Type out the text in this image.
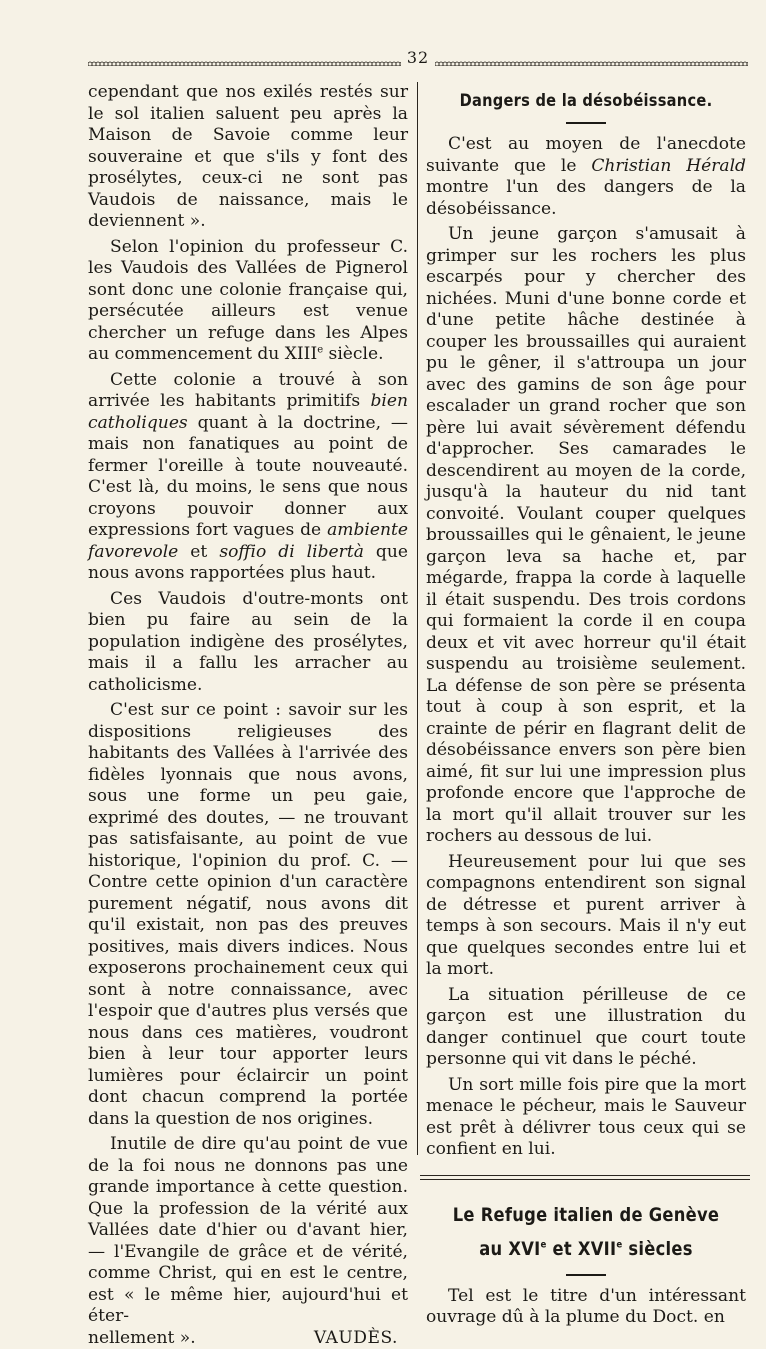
32

cependant que nos exilés restés sur le sol italien saluent peu après la Maison de Savoie comme leur souveraine et que s'ils y font des prosélytes, ceux-ci ne sont pas Vaudois de naissance, mais le deviennent ».

Selon l'opinion du professeur C. les Vaudois des Vallées de Pignerol sont donc une colonie française qui, persécutée ailleurs est venue chercher un refuge dans les Alpes au commencement du XIIIe siècle.

Cette colonie a trouvé à son arrivée les habitants primitifs bien catholiques quant à la doctrine, — mais non fanatiques au point de fermer l'oreille à toute nouveauté. C'est là, du moins, le sens que nous croyons pouvoir donner aux expressions fort vagues de ambiente favorevole et soffio di libertà que nous avons rapportées plus haut.

Ces Vaudois d'outre-monts ont bien pu faire au sein de la population indigène des prosélytes, mais il a fallu les arracher au catholicisme.

C'est sur ce point : savoir sur les dispositions religieuses des habitants des Vallées à l'arrivée des fidèles lyonnais que nous avons, sous une forme un peu gaie, exprimé des doutes, — ne trouvant pas satisfaisante, au point de vue historique, l'opinion du prof. C. — Contre cette opinion d'un caractère purement négatif, nous avons dit qu'il existait, non pas des preuves positives, mais divers indices. Nous exposerons prochainement ceux qui sont à notre connaissance, avec l'espoir que d'autres plus versés que nous dans ces matières, voudront bien à leur tour apporter leurs lumières pour éclaircir un point dont chacun comprend la portée dans la question de nos origines.

Inutile de dire qu'au point de vue de la foi nous ne donnons pas une grande importance à cette question. Que la profession de la vérité aux Vallées date d'hier ou d'avant hier, — l'Evangile de grâce et de vérité, comme Christ, qui en est le centre, est « le même hier, aujourd'hui et éter-

nellement ».	VAUDÈS.
Dangers de la désobéissance.

C'est au moyen de l'anecdote suivante que le Christian Hérald montre l'un des dangers de la désobéissance.

Un jeune garçon s'amusait à grimper sur les rochers les plus escarpés pour y chercher des nichées. Muni d'une bonne corde et d'une petite hâche destinée à couper les broussailles qui auraient pu le gêner, il s'attroupa un jour avec des gamins de son âge pour escalader un grand rocher que son père lui avait sévèrement défendu d'approcher. Ses camarades le descendirent au moyen de la corde, jusqu'à la hauteur du nid tant convoité. Voulant couper quelques broussailles qui le gênaient, le jeune garçon leva sa hache et, par mégarde, frappa la corde à laquelle il était suspendu. Des trois cordons qui formaient la corde il en coupa deux et vit avec horreur qu'il était suspendu au troisième seulement. La défense de son père se présenta tout à coup à son esprit, et la crainte de périr en flagrant delit de désobéissance envers son père bien aimé, fit sur lui une impression plus profonde encore que l'approche de la mort qu'il allait trouver sur les rochers au dessous de lui.

Heureusement pour lui que ses compagnons entendirent son signal de détresse et purent arriver à temps à son secours. Mais il n'y eut que quelques secondes entre lui et la mort.

La situation périlleuse de ce garçon est une illustration du danger continuel que court toute personne qui vit dans le péché.

Un sort mille fois pire que la mort menace le pécheur, mais le Sauveur est prêt à délivrer tous ceux qui se confient en lui.

Le Refuge italien de Genève
au XVIe et XVIIe siècles

Tel est le titre d'un intéressant ouvrage dû à la plume du Doct. en
